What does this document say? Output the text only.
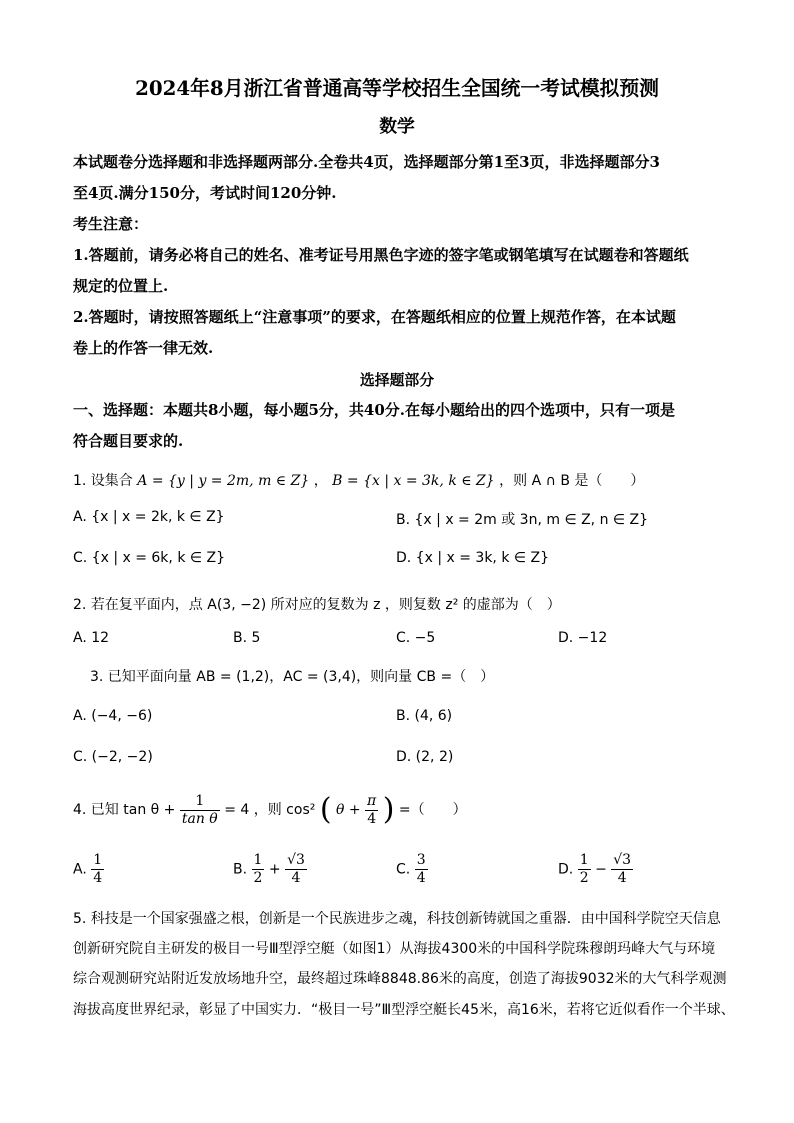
2024年8月浙江省普通高等学校招生全国统一考试模拟预测
数学
本试题卷分选择题和非选择题两部分.全卷共4页，选择题部分第1至3页，非选择题部分3
至4页.满分150分，考试时间120分钟.
考生注意：
1.答题前，请务必将自己的姓名、准考证号用黑色字迹的签字笔或钢笔填写在试题卷和答题纸
规定的位置上.
2.答题时，请按照答题纸上“注意事项”的要求，在答题纸相应的位置上规范作答，在本试题
卷上的作答一律无效.
选择题部分
一、选择题：本题共8小题，每小题5分，共40分.在每小题给出的四个选项中，只有一项是
符合题目要求的.
1. 设集合 A = {y | y = 2m, m ∈ Z} ， B = {x | x = 3k, k ∈ Z} ，则 A ∩ B 是（　　）
A. {x | x = 2k, k ∈ Z}	B. {x | x = 2m 或 3n, m ∈ Z, n ∈ Z}
C. {x | x = 6k, k ∈ Z}	D. {x | x = 3k, k ∈ Z}
2. 若在复平面内，点 A(3, −2) 所对应的复数为 z ，则复数 z² 的虚部为（　）
A. 12	B. 5	C. −5	D. −12
3. 已知平面向量 AB = (1,2)，AC = (3,4)，则向量 CB =（　）
A. (−4, −6)	B. (4, 6)
C. (−2, −2)	D. (2, 2)
4. 已知 $\tan \theta + \frac{1}{\text{tan θ}} = 4$ ，则 cos² ( $\theta + \frac{\pi}{4}$ ) =（　　）
A. $\frac{1}{4}$	B. $\frac{1}{2} + \frac{√3}{4}$	C. $\frac{3}{4}$	D. $\frac{1}{2} - \frac{√3}{4}$
5. 科技是一个国家强盛之根，创新是一个民族进步之魂，科技创新铸就国之重器．由中国科学院空天信息
创新研究院自主研发的极目一号Ⅲ型浮空艇（如图1）从海拔4300米的中国科学院珠穆朗玛峰大气与环境
综合观测研究站附近发放场地升空，最终超过珠峰8848.86米的高度，创造了海拔9032米的大气科学观测
海拔高度世界纪录，彰显了中国实力．“极目一号”Ⅲ型浮空艇长45米，高16米，若将它近似看作一个半球、
